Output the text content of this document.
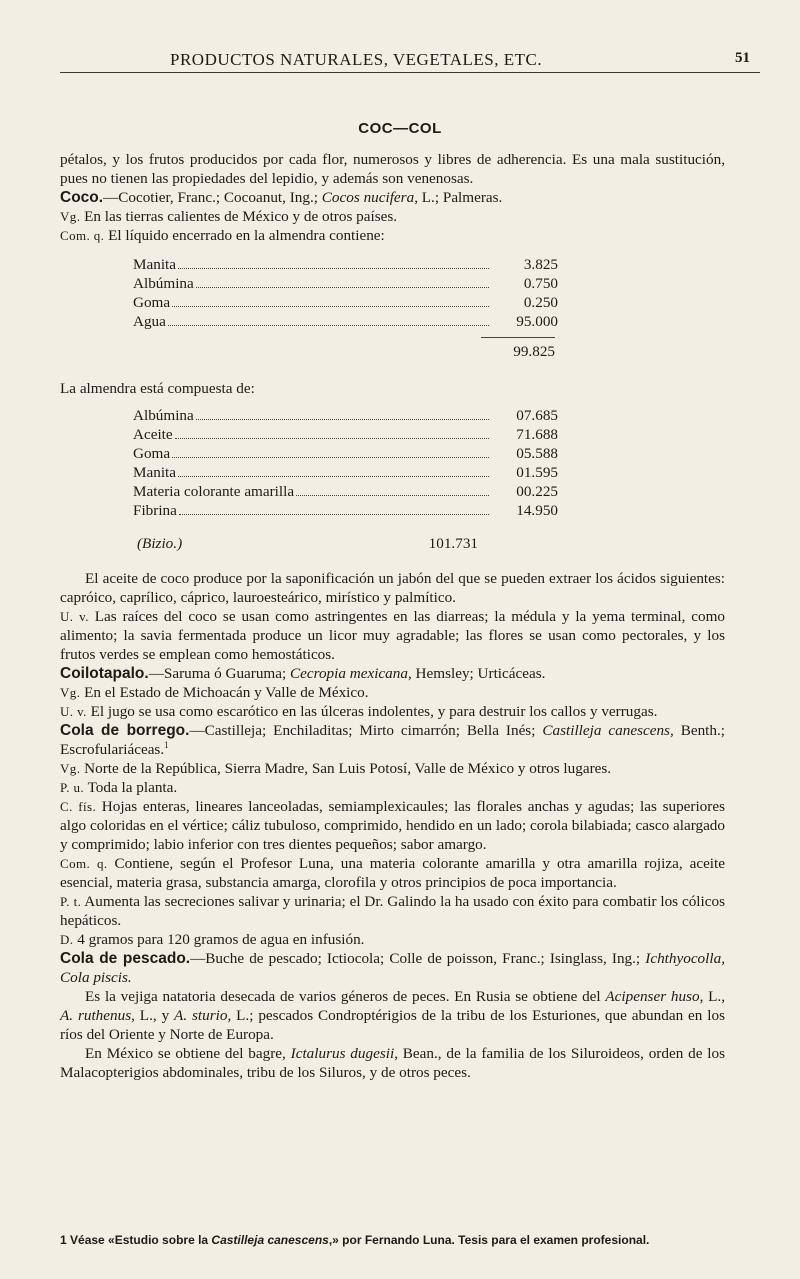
PRODUCTOS NATURALES, VEGETALES, ETC.	51
COC—COL

pétalos, y los frutos producidos por cada flor, numerosos y libres de adherencia. Es una mala sustitución, pues no tienen las propiedades del lepidio, y además son venenosas.

Coco.—Cocotier, Franc.; Cocoanut, Ing.; Cocos nucifera, L.; Palmeras.

Vg. En las tierras calientes de México y de otros países.

Com. q. El líquido encerrado en la almendra contiene:

Manita	3.825
Albúmina	0.750
Goma	0.250
Agua	95.000
99.825

La almendra está compuesta de:

Albúmina	07.685
Aceite	71.688
Goma	05.588
Manita	01.595
Materia colorante amarilla	00.225
Fibrina	14.950
(Bizio.)	101.731

El aceite de coco produce por la saponificación un jabón del que se pueden extraer los ácidos siguientes: capróico, caprílico, cáprico, lauroesteárico, mirístico y palmítico.

U. v. Las raíces del coco se usan como astringentes en las diarreas; la médula y la yema terminal, como alimento; la savia fermentada produce un licor muy agradable; las flores se usan como pectorales, y los frutos verdes se emplean como hemostáticos.

Coilotapalo.—Saruma ó Guaruma; Cecropia mexicana, Hemsley; Urticáceas.

Vg. En el Estado de Michoacán y Valle de México.

U. v. El jugo se usa como escarótico en las úlceras indolentes, y para destruir los callos y verrugas.

Cola de borrego.—Castilleja; Enchiladitas; Mirto cimarrón; Bella Inés; Castilleja canescens, Benth.; Escrofulariáceas.$^1$

Vg. Norte de la República, Sierra Madre, San Luis Potosí, Valle de México y otros lugares.

P. u. Toda la planta.

C. fís. Hojas enteras, lineares lanceoladas, semiamplexicaules; las florales anchas y agudas; las superiores algo coloridas en el vértice; cáliz tubuloso, comprimido, hendido en un lado; corola bilabiada; casco alargado y comprimido; labio inferior con tres dientes pequeños; sabor amargo.

Com. q. Contiene, según el Profesor Luna, una materia colorante amarilla y otra amarilla rojiza, aceite esencial, materia grasa, substancia amarga, clorofila y otros principios de poca importancia.

P. t. Aumenta las secreciones salivar y urinaria; el Dr. Galindo la ha usado con éxito para combatir los cólicos hepáticos.

D. 4 gramos para 120 gramos de agua en infusión.

Cola de pescado.—Buche de pescado; Ictiocola; Colle de poisson, Franc.; Isinglass, Ing.; Ichthyocolla, Cola piscis.

Es la vejiga natatoria desecada de varios géneros de peces. En Rusia se obtiene del Acipenser huso, L., A. ruthenus, L., y A. sturio, L.; pescados Condroptérigios de la tribu de los Esturiones, que abundan en los ríos del Oriente y Norte de Europa.

En México se obtiene del bagre, Ictalurus dugesii, Bean., de la familia de los Siluroideos, orden de los Malacopterigios abdominales, tribu de los Siluros, y de otros peces.

1 Véase «Estudio sobre la Castilleja canescens,» por Fernando Luna. Tesis para el examen profesional.
